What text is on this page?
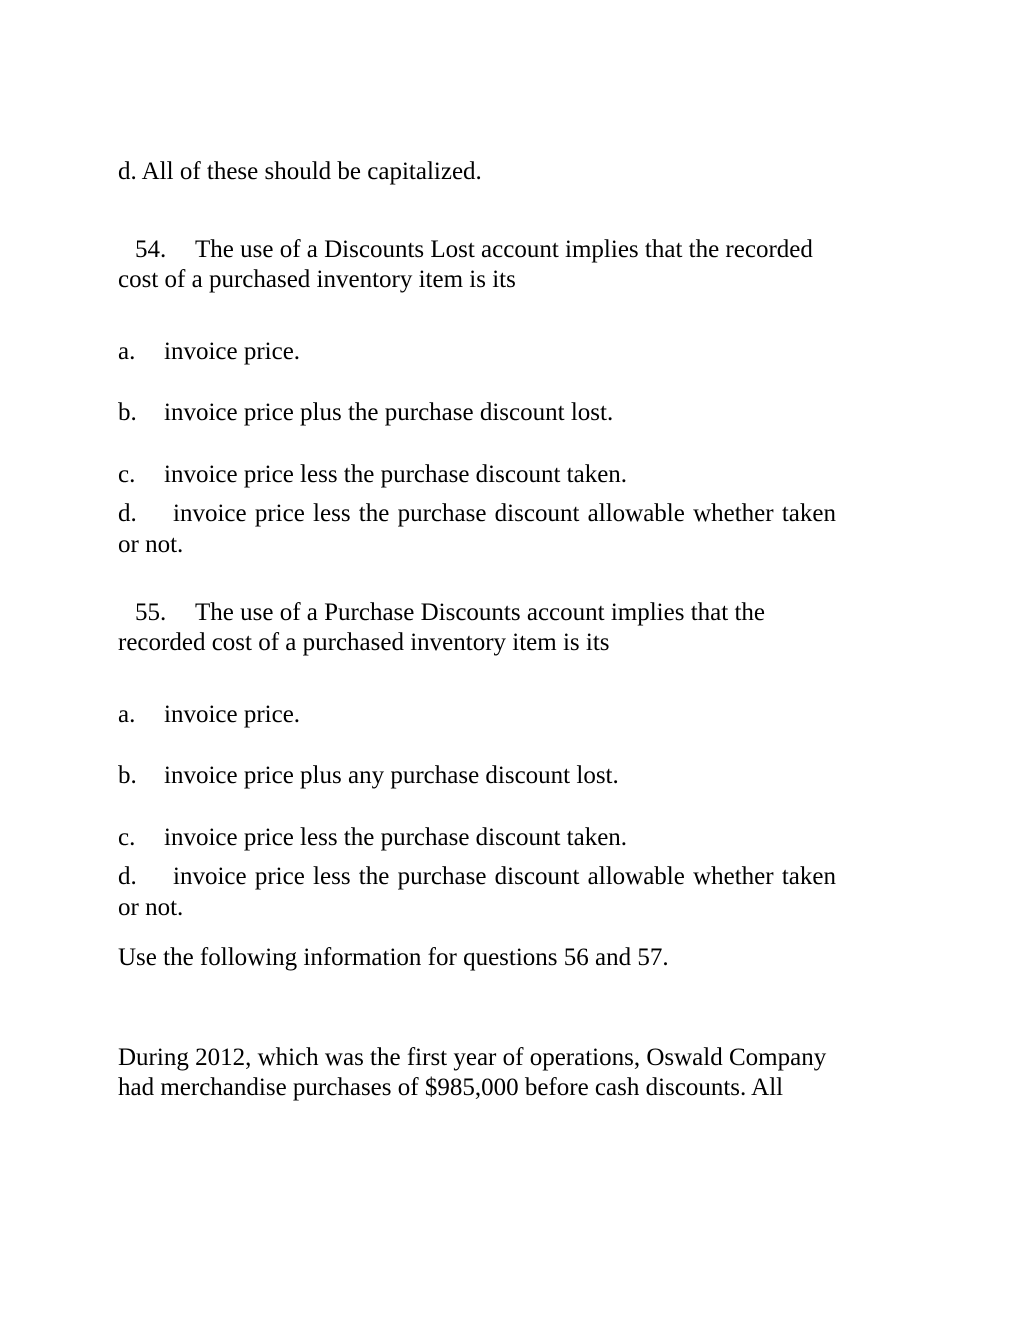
d. All of these should be capitalized.
54. The use of a Discounts Lost account implies that the recorded
cost of a purchased inventory item is its
a. invoice price.
b. invoice price plus the purchase discount lost.
c. invoice price less the purchase discount taken.
d. invoice price less the purchase discount allowable whether taken
or not.
55. The use of a Purchase Discounts account implies that the
recorded cost of a purchased inventory item is its
a. invoice price.
b. invoice price plus any purchase discount lost.
c. invoice price less the purchase discount taken.
d. invoice price less the purchase discount allowable whether taken
or not.
Use the following information for questions 56 and 57.
During 2012, which was the first year of operations, Oswald Company
had merchandise purchases of $985,000 before cash discounts. All
